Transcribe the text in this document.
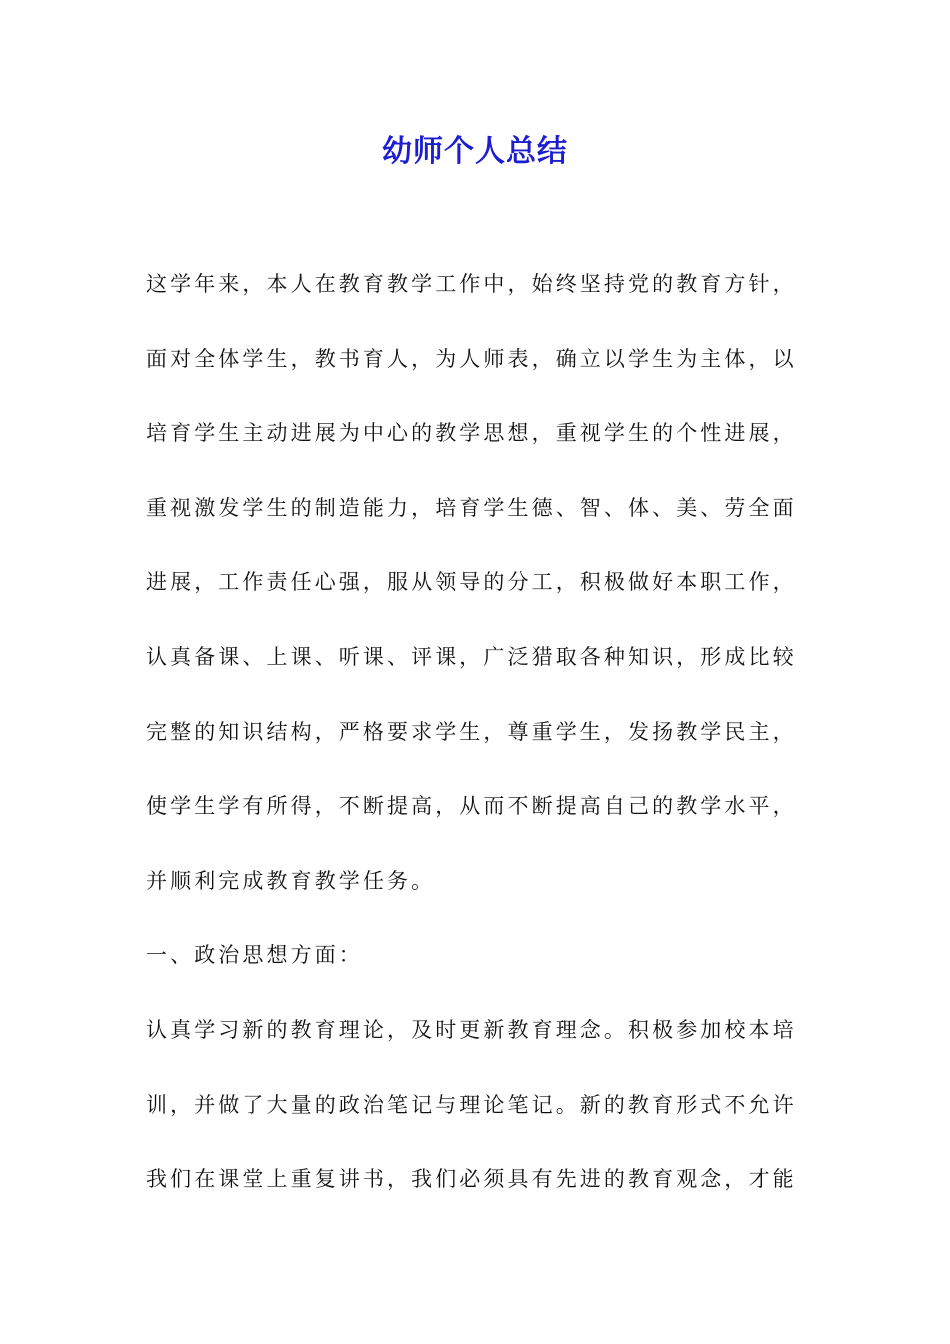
幼师个人总结
这学年来，本人在教育教学工作中，始终坚持党的教育方针，
面对全体学生，教书育人，为人师表，确立以学生为主体，以
培育学生主动进展为中心的教学思想，重视学生的个性进展，
重视激发学生的制造能力，培育学生德、智、体、美、劳全面
进展，工作责任心强，服从领导的分工，积极做好本职工作，
认真备课、上课、听课、评课，广泛猎取各种知识，形成比较
完整的知识结构，严格要求学生，尊重学生，发扬教学民主，
使学生学有所得，不断提高，从而不断提高自己的教学水平，
并顺利完成教育教学任务。
一、政治思想方面：
认真学习新的教育理论，及时更新教育理念。积极参加校本培
训，并做了大量的政治笔记与理论笔记。新的教育形式不允许
我们在课堂上重复讲书，我们必须具有先进的教育观念，才能
